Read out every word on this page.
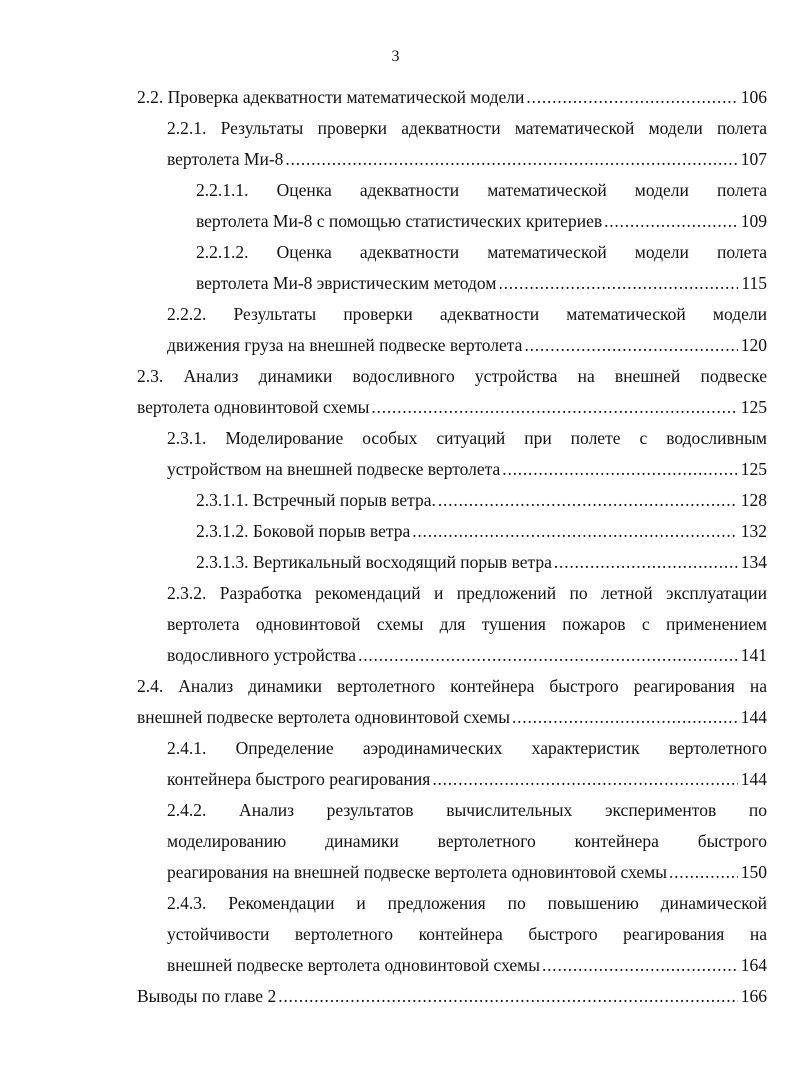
3
2.2. Проверка адекватности математической модели . . .	106
2.2.1. Результаты проверки адекватности математической модели полета
вертолета Ми-8 . . .	107
2.2.1.1. Оценка адекватности математической модели полета
вертолета Ми-8 с помощью статистических критериев . . .	109
2.2.1.2. Оценка адекватности математической модели полета
вертолета Ми-8 эвристическим методом . . .	115
2.2.2. Результаты проверки адекватности математической модели
движения груза на внешней подвеске вертолета . . .	120
2.3. Анализ динамики водосливного устройства на внешней подвеске
вертолета одновинтовой схемы . . .	125
2.3.1. Моделирование особых ситуаций при полете с водосливным
устройством на внешней подвеске вертолета . . .	125
2.3.1.1. Встречный порыв ветра. . . .	128
2.3.1.2. Боковой порыв ветра . . .	132
2.3.1.3. Вертикальный восходящий порыв ветра . . .	134
2.3.2. Разработка рекомендаций и предложений по летной эксплуатации
вертолета одновинтовой схемы для тушения пожаров с применением
водосливного устройства . . .	141
2.4. Анализ динамики вертолетного контейнера быстрого реагирования на
внешней подвеске вертолета одновинтовой схемы . . .	144
2.4.1. Определение аэродинамических характеристик вертолетного
контейнера быстрого реагирования . . .	144
2.4.2. Анализ результатов вычислительных экспериментов по
моделированию динамики вертолетного контейнера быстрого
реагирования на внешней подвеске вертолета одновинтовой схемы . . .	150
2.4.3. Рекомендации и предложения по повышению динамической
устойчивости вертолетного контейнера быстрого реагирования на
внешней подвеске вертолета одновинтовой схемы . . .	164
Выводы по главе 2 . . .	166
